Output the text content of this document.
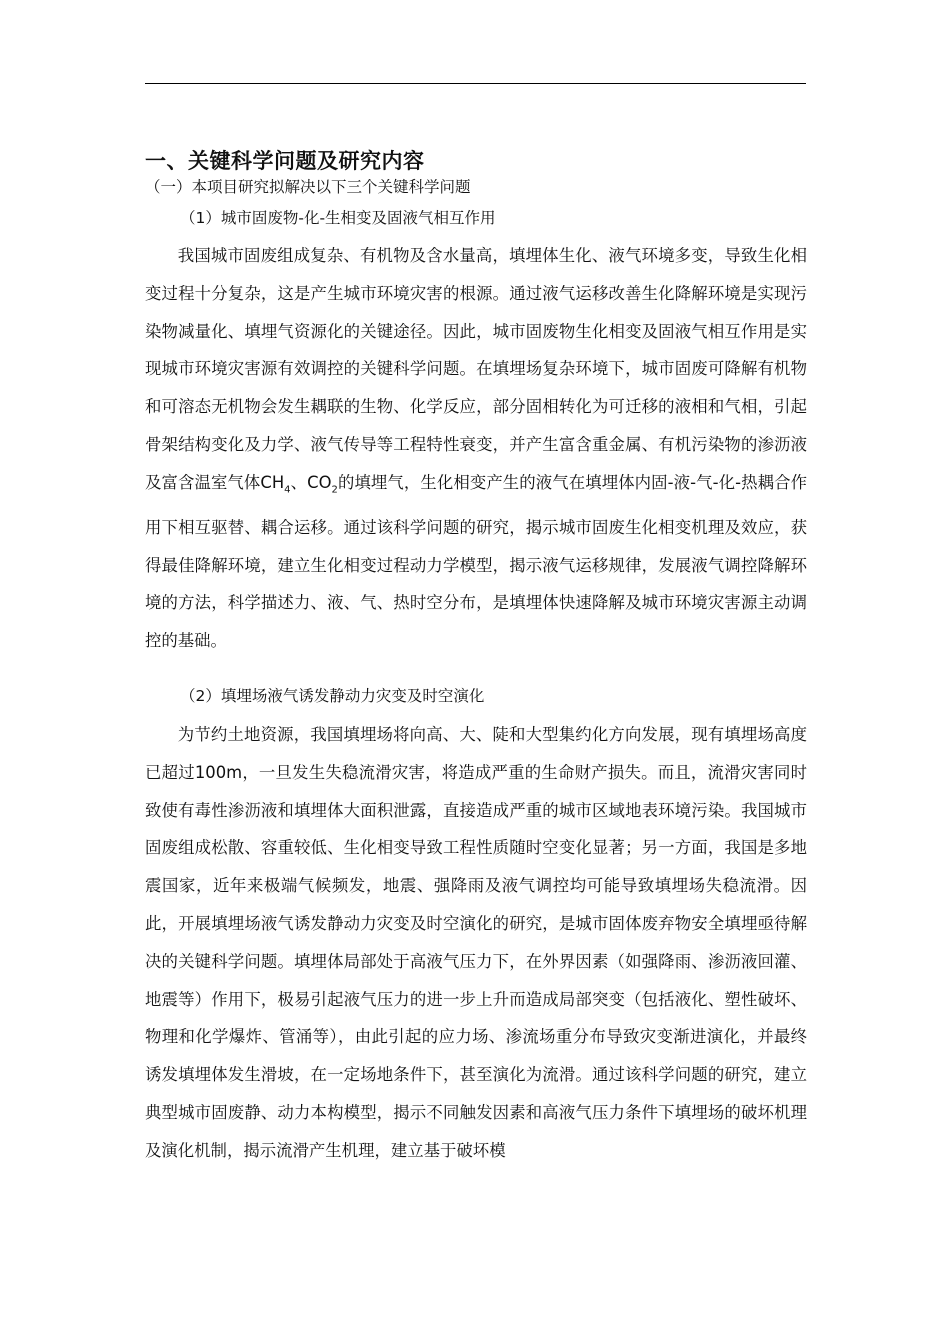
一、关键科学问题及研究内容
（一）本项目研究拟解决以下三个关键科学问题
（1）城市固废物-化-生相变及固液气相互作用

我国城市固废组成复杂、有机物及含水量高，填埋体生化、液气环境多变，导致生化相变过程十分复杂，这是产生城市环境灾害的根源。通过液气运移改善生化降解环境是实现污染物减量化、填埋气资源化的关键途径。因此，城市固废物生化相变及固液气相互作用是实现城市环境灾害源有效调控的关键科学问题。在填埋场复杂环境下，城市固废可降解有机物和可溶态无机物会发生耦联的生物、化学反应，部分固相转化为可迁移的液相和气相，引起骨架结构变化及力学、液气传导等工程特性衰变，并产生富含重金属、有机污染物的渗沥液及富含温室气体$CH_4$、$CO_2$的填埋气，生化相变产生的液气在填埋体内固-液-气-化-热耦合作用下相互驱替、耦合运移。通过该科学问题的研究，揭示城市固废生化相变机理及效应，获得最佳降解环境，建立生化相变过程动力学模型，揭示液气运移规律，发展液气调控降解环境的方法，科学描述力、液、气、热时空分布，是填埋体快速降解及城市环境灾害源主动调控的基础。

（2）填埋场液气诱发静动力灾变及时空演化

为节约土地资源，我国填埋场将向高、大、陡和大型集约化方向发展，现有填埋场高度已超过100m，一旦发生失稳流滑灾害，将造成严重的生命财产损失。而且，流滑灾害同时致使有毒性渗沥液和填埋体大面积泄露，直接造成严重的城市区域地表环境污染。我国城市固废组成松散、容重较低、生化相变导致工程性质随时空变化显著；另一方面，我国是多地震国家，近年来极端气候频发，地震、强降雨及液气调控均可能导致填埋场失稳流滑。因此，开展填埋场液气诱发静动力灾变及时空演化的研究，是城市固体废弃物安全填埋亟待解决的关键科学问题。填埋体局部处于高液气压力下，在外界因素（如强降雨、渗沥液回灌、地震等）作用下，极易引起液气压力的进一步上升而造成局部突变（包括液化、塑性破坏、物理和化学爆炸、管涌等），由此引起的应力场、渗流场重分布导致灾变渐进演化，并最终诱发填埋体发生滑坡，在一定场地条件下，甚至演化为流滑。通过该科学问题的研究，建立典型城市固废静、动力本构模型，揭示不同触发因素和高液气压力条件下填埋场的破坏机理及演化机制，揭示流滑产生机理，建立基于破坏模
